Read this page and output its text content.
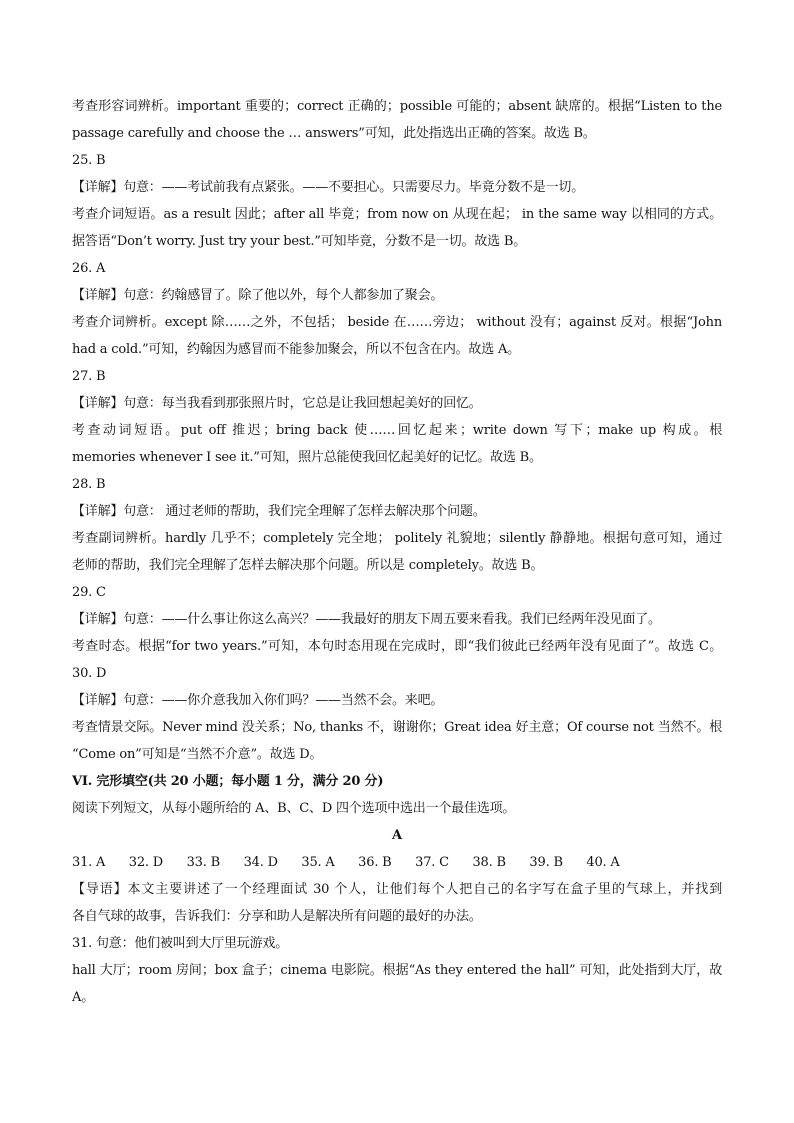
考查形容词辨析。important 重要的；correct 正确的；possible 可能的；absent 缺席的。根据“Listen to the
passage carefully and choose the … answers”可知，此处指选出正确的答案。故选 B。
25. B
【详解】句意：——考试前我有点紧张。——不要担心。只需要尽力。毕竟分数不是一切。
考查介词短语。as a result 因此；after all 毕竟；from now on 从现在起； in the same way 以相同的方式。
据答语“Don’t worry. Just try your best.”可知毕竟，分数不是一切。故选 B。
26. A
【详解】句意：约翰感冒了。除了他以外，每个人都参加了聚会。
考查介词辨析。except 除……之外，不包括； beside 在……旁边； without 没有；against 反对。根据“John
had a cold.”可知，约翰因为感冒而不能参加聚会，所以不包含在内。故选 A。
27. B
【详解】句意：每当我看到那张照片时，它总是让我回想起美好的回忆。
考查动词短语。put off 推迟；bring back 使……回忆起来；write down 写下；make up 构成。根
memories whenever I see it.”可知，照片总能使我回忆起美好的记忆。故选 B。
28. B
【详解】句意： 通过老师的帮助，我们完全理解了怎样去解决那个问题。
考查副词辨析。hardly 几乎不；completely 完全地； politely 礼貌地；silently 静静地。根据句意可知，通过
老师的帮助，我们完全理解了怎样去解决那个问题。所以是 completely。故选 B。
29. C
【详解】句意：——什么事让你这么高兴？——我最好的朋友下周五要来看我。我们已经两年没见面了。
考查时态。根据“for two years.”可知，本句时态用现在完成时，即“我们彼此已经两年没有见面了”。故选 C。
30. D
【详解】句意：——你介意我加入你们吗？——当然不会。来吧。
考查情景交际。Never mind 没关系；No, thanks 不，谢谢你；Great idea 好主意；Of course not 当然不。根
“Come on”可知是“当然不介意”。故选 D。
VI. 完形填空(共 20 小题；每小题 1 分，满分 20 分)
阅读下列短文，从每小题所给的 A、B、C、D 四个选项中选出一个最佳选项。
A
31. A      32. D      33. B      34. D      35. A      36. B      37. C      38. B      39. B      40. A
【导语】本文主要讲述了一个经理面试 30 个人，让他们每个人把自己的名字写在盒子里的气球上，并找到
各自气球的故事，告诉我们：分享和助人是解决所有问题的最好的办法。
31. 句意：他们被叫到大厅里玩游戏。
hall 大厅；room 房间；box 盒子；cinema 电影院。根据“As they entered the hall” 可知，此处指到大厅，故
A。
